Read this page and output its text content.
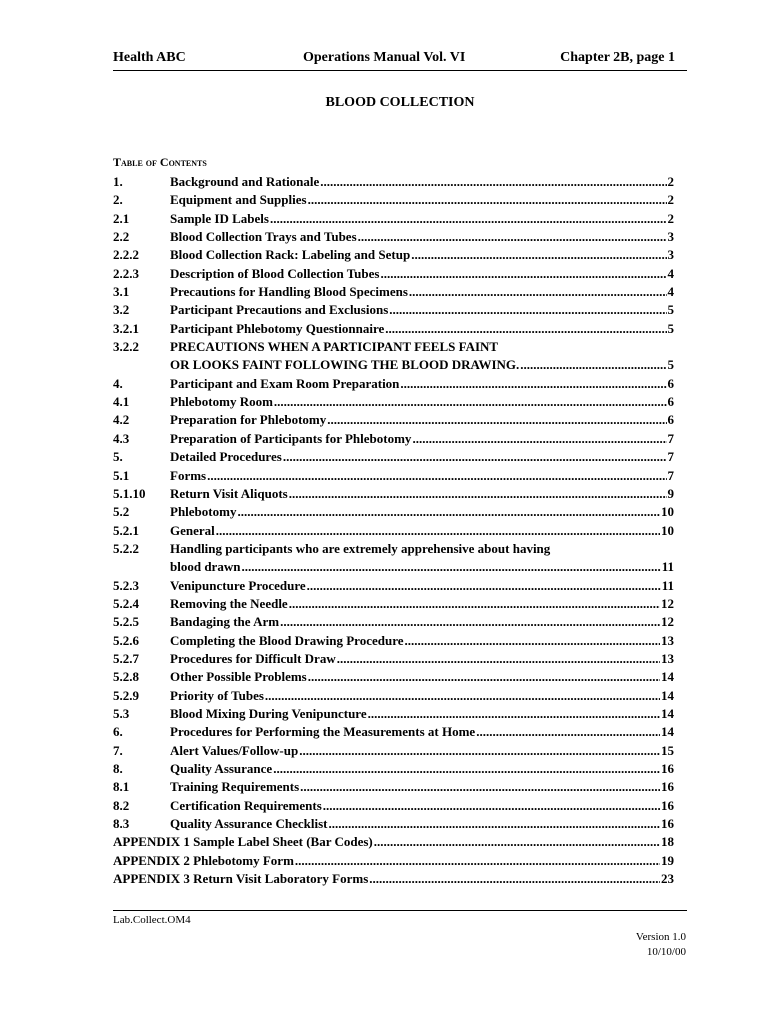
Health ABC	Operations Manual Vol. VI	Chapter 2B, page 1
BLOOD COLLECTION
Table of Contents
1.	Background and Rationale .....	2
2.	Equipment and Supplies .....	2
2.1	Sample ID Labels .....	2
2.2	Blood Collection Trays and Tubes .....	3
2.2.2 Blood Collection Rack: Labeling and Setup .....	3
2.2.3 Description of Blood Collection Tubes .....	4
3.1	Precautions for Handling Blood Specimens .....	4
3.2	Participant Precautions and Exclusions .....	5
3.2.1 Participant Phlebotomy Questionnaire .....	5
3.2.2 PRECAUTIONS WHEN A PARTICIPANT FEELS FAINT
OR LOOKS FAINT FOLLOWING THE BLOOD DRAWING. .....	5
4.	Participant and Exam Room Preparation .....	6
4.1	Phlebotomy Room .....	6
4.2	Preparation for Phlebotomy .....	6
4.3	Preparation of Participants for Phlebotomy .....	7
5.	Detailed Procedures .....	7
5.1	Forms .....	7
5.1.10 Return Visit Aliquots .....	9
5.2	Phlebotomy .....	10
5.2.1 General .....	10
5.2.2 Handling participants who are extremely apprehensive about having
blood drawn .....	11
5.2.3 Venipuncture Procedure .....	11
5.2.4 Removing the Needle .....	12
5.2.5 Bandaging the Arm .....	12
5.2.6 Completing the Blood Drawing Procedure .....	13
5.2.7 Procedures for Difficult Draw .....	13
5.2.8 Other Possible Problems .....	14
5.2.9 Priority of Tubes .....	14
5.3	Blood Mixing During Venipuncture .....	14
6.	Procedures for Performing the Measurements at Home .....	14
7.	Alert Values/Follow-up .....	15
8.	Quality Assurance .....	16
8.1	Training Requirements .....	16
8.2	Certification Requirements .....	16
8.3	Quality Assurance Checklist .....	16
APPENDIX 1 Sample Label Sheet (Bar Codes) .....	18
APPENDIX 2 Phlebotomy Form .....	19
APPENDIX 3 Return Visit Laboratory Forms .....	23
Lab.Collect.OM4
Version 1.0
10/10/00
